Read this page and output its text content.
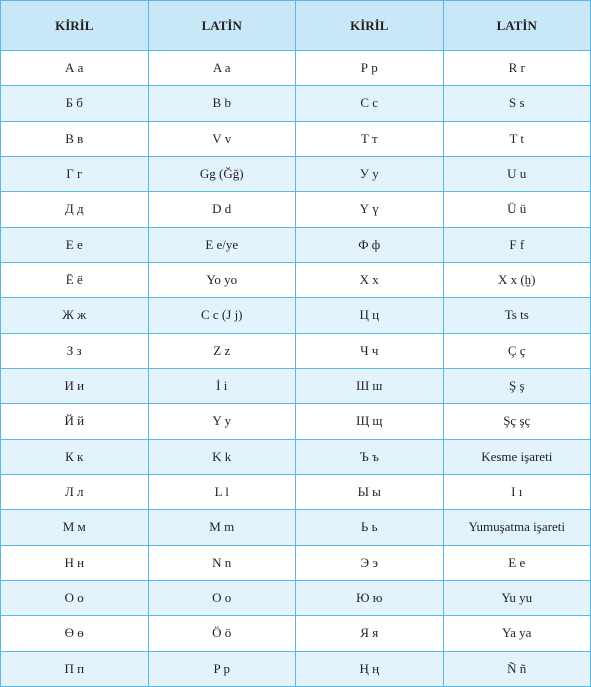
KİRİL	LATİN	KİRİL	LATİN
А а	A a	Р р	R r
Б б	B b	С с	S s
В в	V v	Т т	T t
Г г	Gg (Ğğ)	У у	U u
Д д	D d	Ү ү	Ü ü
Е е	E e/ye	Ф ф	F f
Ё ё	Yo yo	Х х	X x (ḫ)
Ж ж	C c (J j)	Ц ц	Ts ts
З з	Z z	Ч ч	Ç ç
И и	İ i	Ш ш	Ş ş
Й й	Y y	Щ щ	Şç şç
К к	K k	Ъ ъ	Kesme işareti
Л л	L l	Ы ы	I ı
М м	M m	Ь ь	Yumuşatma işareti
Н н	N n	Э э	E e
О о	O o	Ю ю	Yu yu
Ө ө	Ö ö	Я я	Ya ya
П п	P p	Ң ң	Ñ ñ
